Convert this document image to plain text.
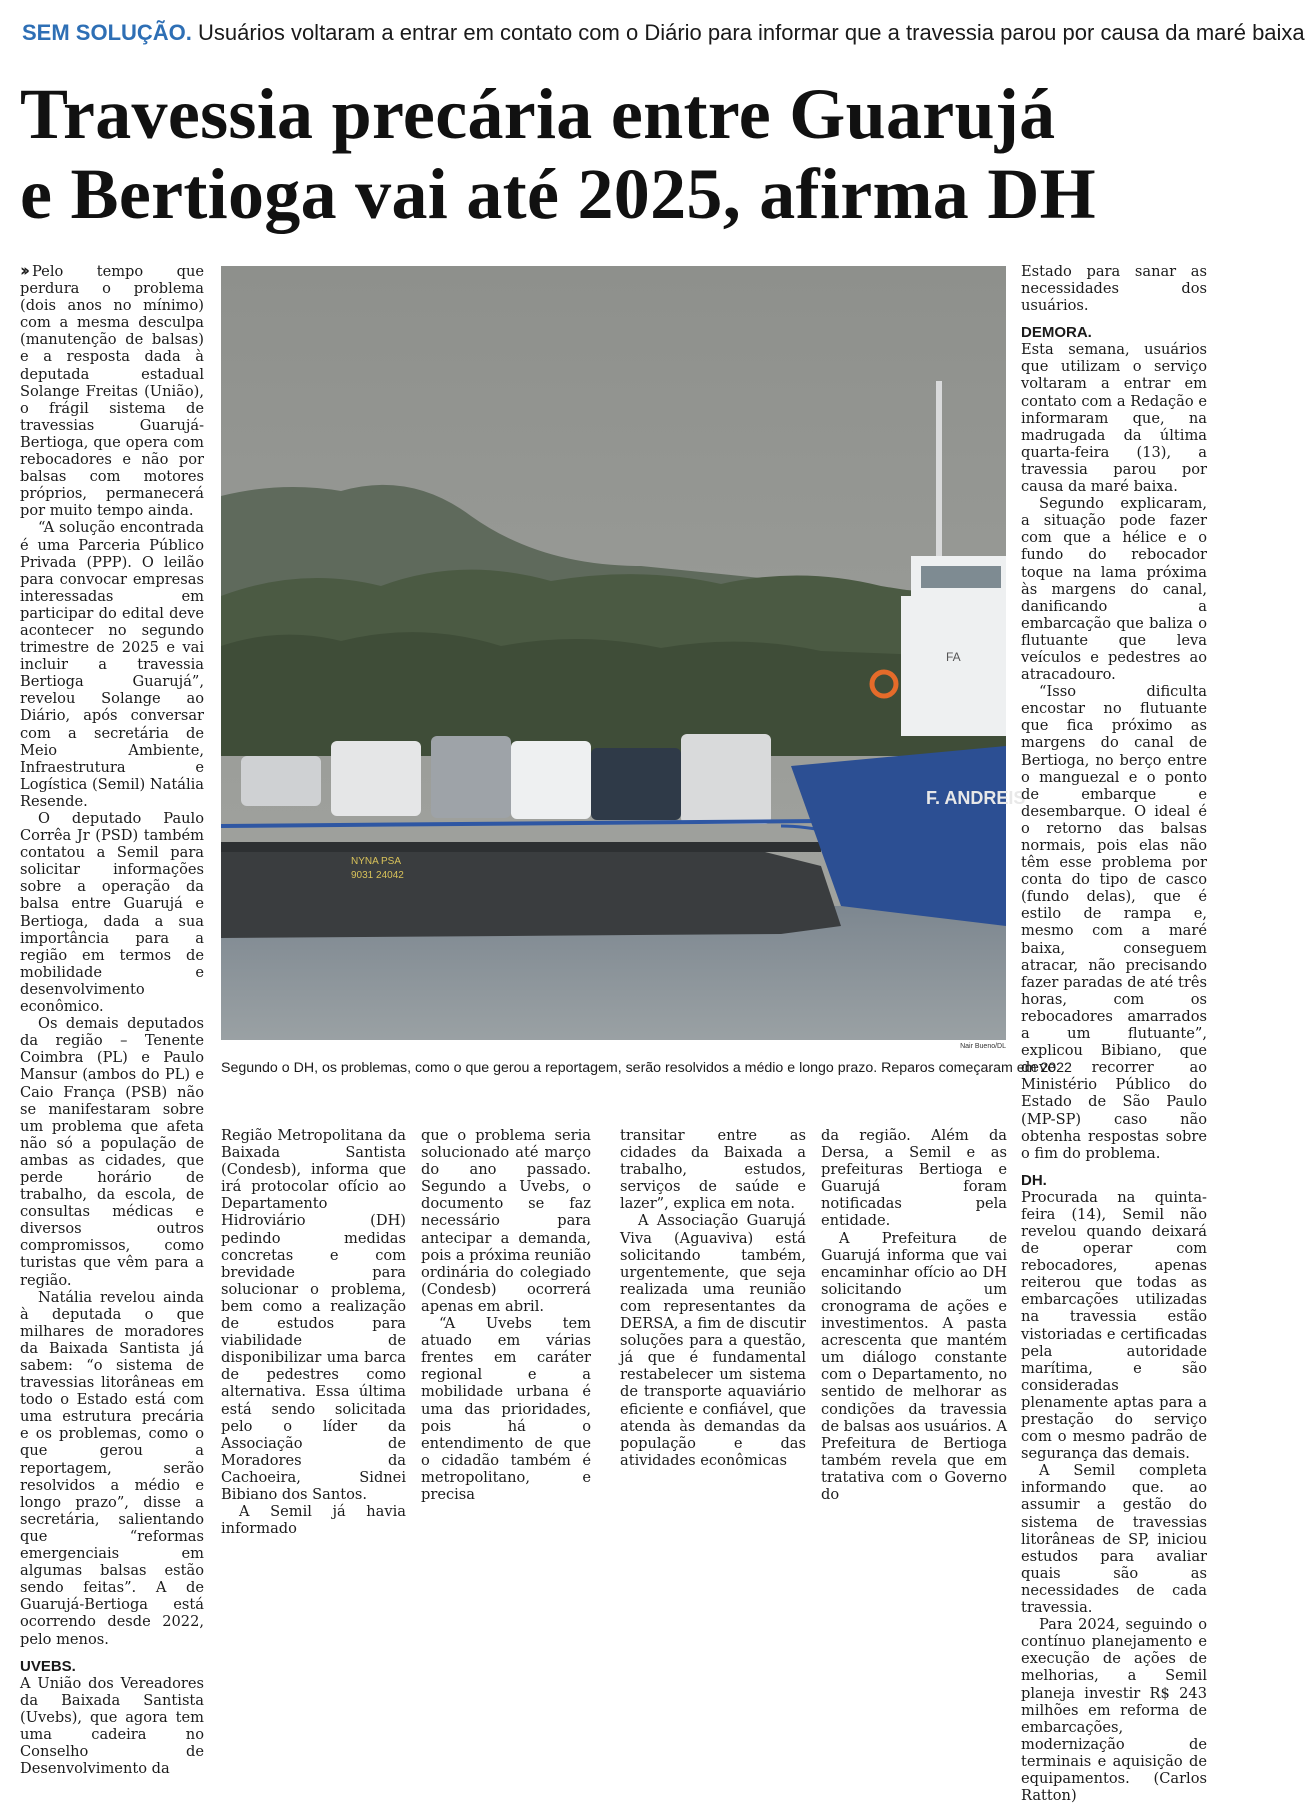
SEM SOLUÇÃO. Usuários voltaram a entrar em contato com o Diário para informar que a travessia parou por causa da maré baixa
Travessia precária entre Guarujá
e Bertioga vai até 2025, afirma DH

›› Pelo tempo que perdura o problema (dois anos no mínimo) com a mesma desculpa (manutenção de balsas) e a resposta dada à deputada estadual Solange Freitas (União), o frágil sistema de travessias Guarujá-Bertioga, que opera com rebocadores e não por balsas com motores próprios, permanecerá por muito tempo ainda.

“A solução encontrada é uma Parceria Público Privada (PPP). O leilão para convocar empresas interessadas em participar do edital deve acontecer no segundo trimestre de 2025 e vai incluir a travessia Bertioga Guarujá”, revelou Solange ao Diário, após conversar com a secretária de Meio Ambiente, Infraestrutura e Logística (Semil) Natália Resende.

O deputado Paulo Corrêa Jr (PSD) também contatou a Semil para solicitar informações sobre a operação da balsa entre Guarujá e Bertioga, dada a sua importância para a região em termos de mobilidade e desenvolvimento econômico.

Os demais deputados da região – Tenente Coimbra (PL) e Paulo Mansur (ambos do PL) e Caio França (PSB) não se manifestaram sobre um problema que afeta não só a população de ambas as cidades, que perde horário de trabalho, da escola, de consultas médicas e diversos outros compromissos, como turistas que vêm para a região.

Natália revelou ainda à deputada o que milhares de moradores da Baixada Santista já sabem: “o sistema de travessias litorâneas em todo o Estado está com uma estrutura precária e os problemas, como o que gerou a reportagem, serão resolvidos a médio e longo prazo”, disse a secretária, salientando que “reformas emergenciais em algumas balsas estão sendo feitas”. A de Guarujá-Bertioga está ocorrendo desde 2022, pelo menos.

UVEBS.

A União dos Vereadores da Baixada Santista (Uvebs), que agora tem uma cadeira no Conselho de Desenvolvimento da

NYNA PSA
9031 24042
F. ANDREIS
FA
Nair Bueno/DL
Segundo o DH, os problemas, como o que gerou a reportagem, serão resolvidos a médio e longo prazo. Reparos começaram em 2022

Região Metropolitana da Baixada Santista (Condesb), informa que irá protocolar ofício ao Departamento Hidroviário (DH) pedindo medidas concretas e com brevidade para solucionar o problema, bem como a realização de estudos para viabilidade de disponibilizar uma barca de pedestres como alternativa. Essa última está sendo solicitada pelo o líder da Associação de Moradores da Cachoeira, Sidnei Bibiano dos Santos.

A Semil já havia informado

que o problema seria solucionado até março do ano passado. Segundo a Uvebs, o documento se faz necessário para antecipar a demanda, pois a próxima reunião ordinária do colegiado (Condesb) ocorrerá apenas em abril.

“A Uvebs tem atuado em várias frentes em caráter regional e a mobilidade urbana é uma das prioridades, pois há o entendimento de que o cidadão também é metropolitano, e precisa

transitar entre as cidades da Baixada a trabalho, estudos, serviços de saúde e lazer”, explica em nota.

A Associação Guarujá Viva (Aguaviva) está solicitando também, urgentemente, que seja realizada uma reunião com representantes da DERSA, a fim de discutir soluções para a questão, já que é fundamental restabelecer um sistema de transporte aquaviário eficiente e confiável, que atenda às demandas da população e das atividades econômicas

da região. Além da Dersa, a Semil e as prefeituras Bertioga e Guarujá foram notificadas pela entidade.

A Prefeitura de Guarujá informa que vai encaminhar ofício ao DH solicitando um cronograma de ações e investimentos. A pasta acrescenta que mantém um diálogo constante com o Departamento, no sentido de melhorar as condições da travessia de balsas aos usuários. A Prefeitura de Bertioga também revela que em tratativa com o Governo do

Estado para sanar as necessidades dos usuários.

DEMORA.

Esta semana, usuários que utilizam o serviço voltaram a entrar em contato com a Redação e informaram que, na madrugada da última quarta-feira (13), a travessia parou por causa da maré baixa.

Segundo explicaram, a situação pode fazer com que a hélice e o fundo do rebocador toque na lama próxima às margens do canal, danificando a embarcação que baliza o flutuante que leva veículos e pedestres ao atracadouro.

“Isso dificulta encostar no flutuante que fica próximo as margens do canal de Bertioga, no berço entre o manguezal e o ponto de embarque e desembarque. O ideal é o retorno das balsas normais, pois elas não têm esse problema por conta do tipo de casco (fundo delas), que é estilo de rampa e, mesmo com a maré baixa, conseguem atracar, não precisando fazer paradas de até três horas, com os rebocadores amarrados a um flutuante”, explicou Bibiano, que deve recorrer ao Ministério Público do Estado de São Paulo (MP-SP) caso não obtenha respostas sobre o fim do problema.

DH.

Procurada na quinta-feira (14), Semil não revelou quando deixará de operar com rebocadores, apenas reiterou que todas as embarcações utilizadas na travessia estão vistoriadas e certificadas pela autoridade marítima, e são consideradas plenamente aptas para a prestação do serviço com o mesmo padrão de segurança das demais.

A Semil completa informando que. ao assumir a gestão do sistema de travessias litorâneas de SP, iniciou estudos para avaliar quais são as necessidades de cada travessia.

Para 2024, seguindo o contínuo planejamento e execução de ações de melhorias, a Semil planeja investir R$ 243 milhões em reforma de embarcações, modernização de terminais e aquisição de equipamentos. (Carlos Ratton)
